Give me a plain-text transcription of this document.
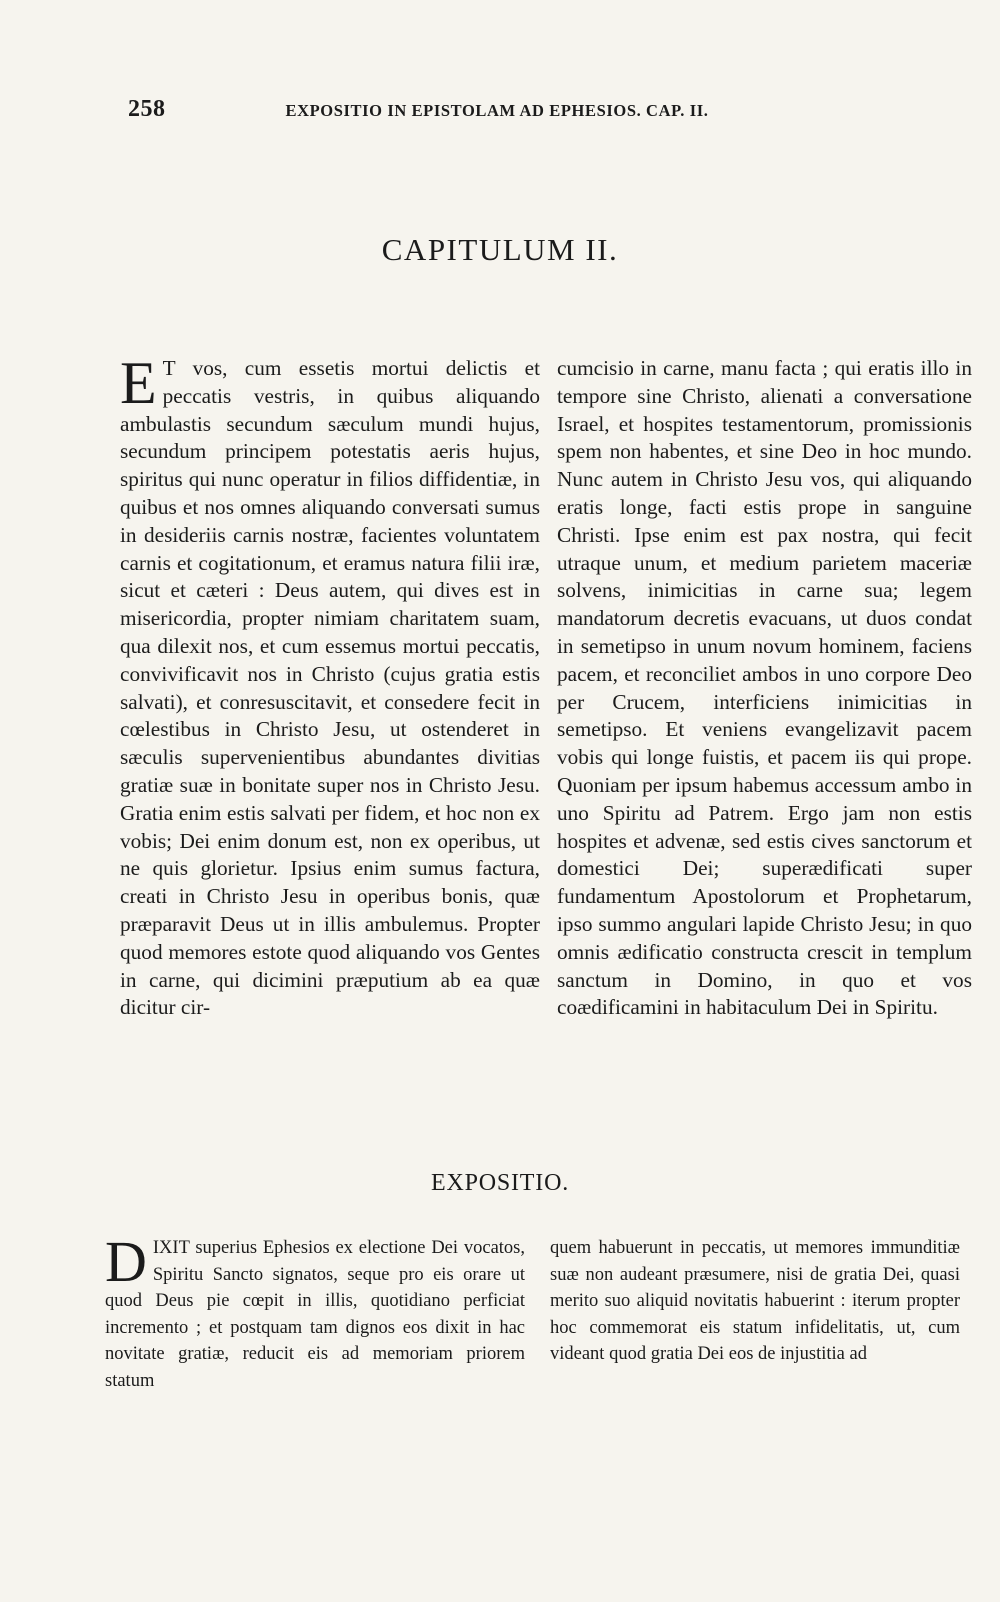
258	EXPOSITIO IN EPISTOLAM AD EPHESIOS. CAP. II.
CAPITULUM II.
E T vos, cum essetis mortui delictis et peccatis vestris, in quibus aliquando ambulastis secundum sæculum mundi hujus, secundum principem potestatis aeris hujus, spiritus qui nunc operatur in filios diffidentiæ, in quibus et nos omnes aliquando conversati sumus in desideriis carnis nostræ, facientes voluntatem carnis et cogitationum, et eramus natura filii iræ, sicut et cæteri : Deus autem, qui dives est in misericordia, propter nimiam charitatem suam, qua dilexit nos, et cum essemus mortui peccatis, convivificavit nos in Christo (cujus gratia estis salvati), et conresuscitavit, et consedere fecit in cœlestibus in Christo Jesu, ut ostenderet in sæculis supervenientibus abundantes divitias gratiæ suæ in bonitate super nos in Christo Jesu. Gratia enim estis salvati per fidem, et hoc non ex vobis; Dei enim donum est, non ex operibus, ut ne quis glorietur. Ipsius enim sumus factura, creati in Christo Jesu in operibus bonis, quæ præparavit Deus ut in illis ambulemus. Propter quod memores estote quod aliquando vos Gentes in carne, qui dicimini præputium ab ea quæ dicitur cir-
cumcisio in carne, manu facta ; qui eratis illo in tempore sine Christo, alienati a conversatione Israel, et hospites testamentorum, promissionis spem non habentes, et sine Deo in hoc mundo. Nunc autem in Christo Jesu vos, qui aliquando eratis longe, facti estis prope in sanguine Christi. Ipse enim est pax nostra, qui fecit utraque unum, et medium parietem maceriæ solvens, inimicitias in carne sua; legem mandatorum decretis evacuans, ut duos condat in semetipso in unum novum hominem, faciens pacem, et reconciliet ambos in uno corpore Deo per Crucem, interficiens inimicitias in semetipso. Et veniens evangelizavit pacem vobis qui longe fuistis, et pacem iis qui prope. Quoniam per ipsum habemus accessum ambo in uno Spiritu ad Patrem. Ergo jam non estis hospites et advenæ, sed estis cives sanctorum et domestici Dei; superædificati super fundamentum Apostolorum et Prophetarum, ipso summo angulari lapide Christo Jesu; in quo omnis ædificatio constructa crescit in templum sanctum in Domino, in quo et vos coædificamini in habitaculum Dei in Spiritu.
EXPOSITIO.
DIXIT superius Ephesios ex electione Dei vocatos, Spiritu Sancto signatos, seque pro eis orare ut quod Deus pie cœpit in illis, quotidiano perficiat incremento ; et postquam tam dignos eos dixit in hac novitate gratiæ, reducit eis ad memoriam priorem statum
quem habuerunt in peccatis, ut memores immunditiæ suæ non audeant præsumere, nisi de gratia Dei, quasi merito suo aliquid novitatis habuerint : iterum propter hoc commemorat eis statum infidelitatis, ut, cum videant quod gratia Dei eos de injustitia ad
